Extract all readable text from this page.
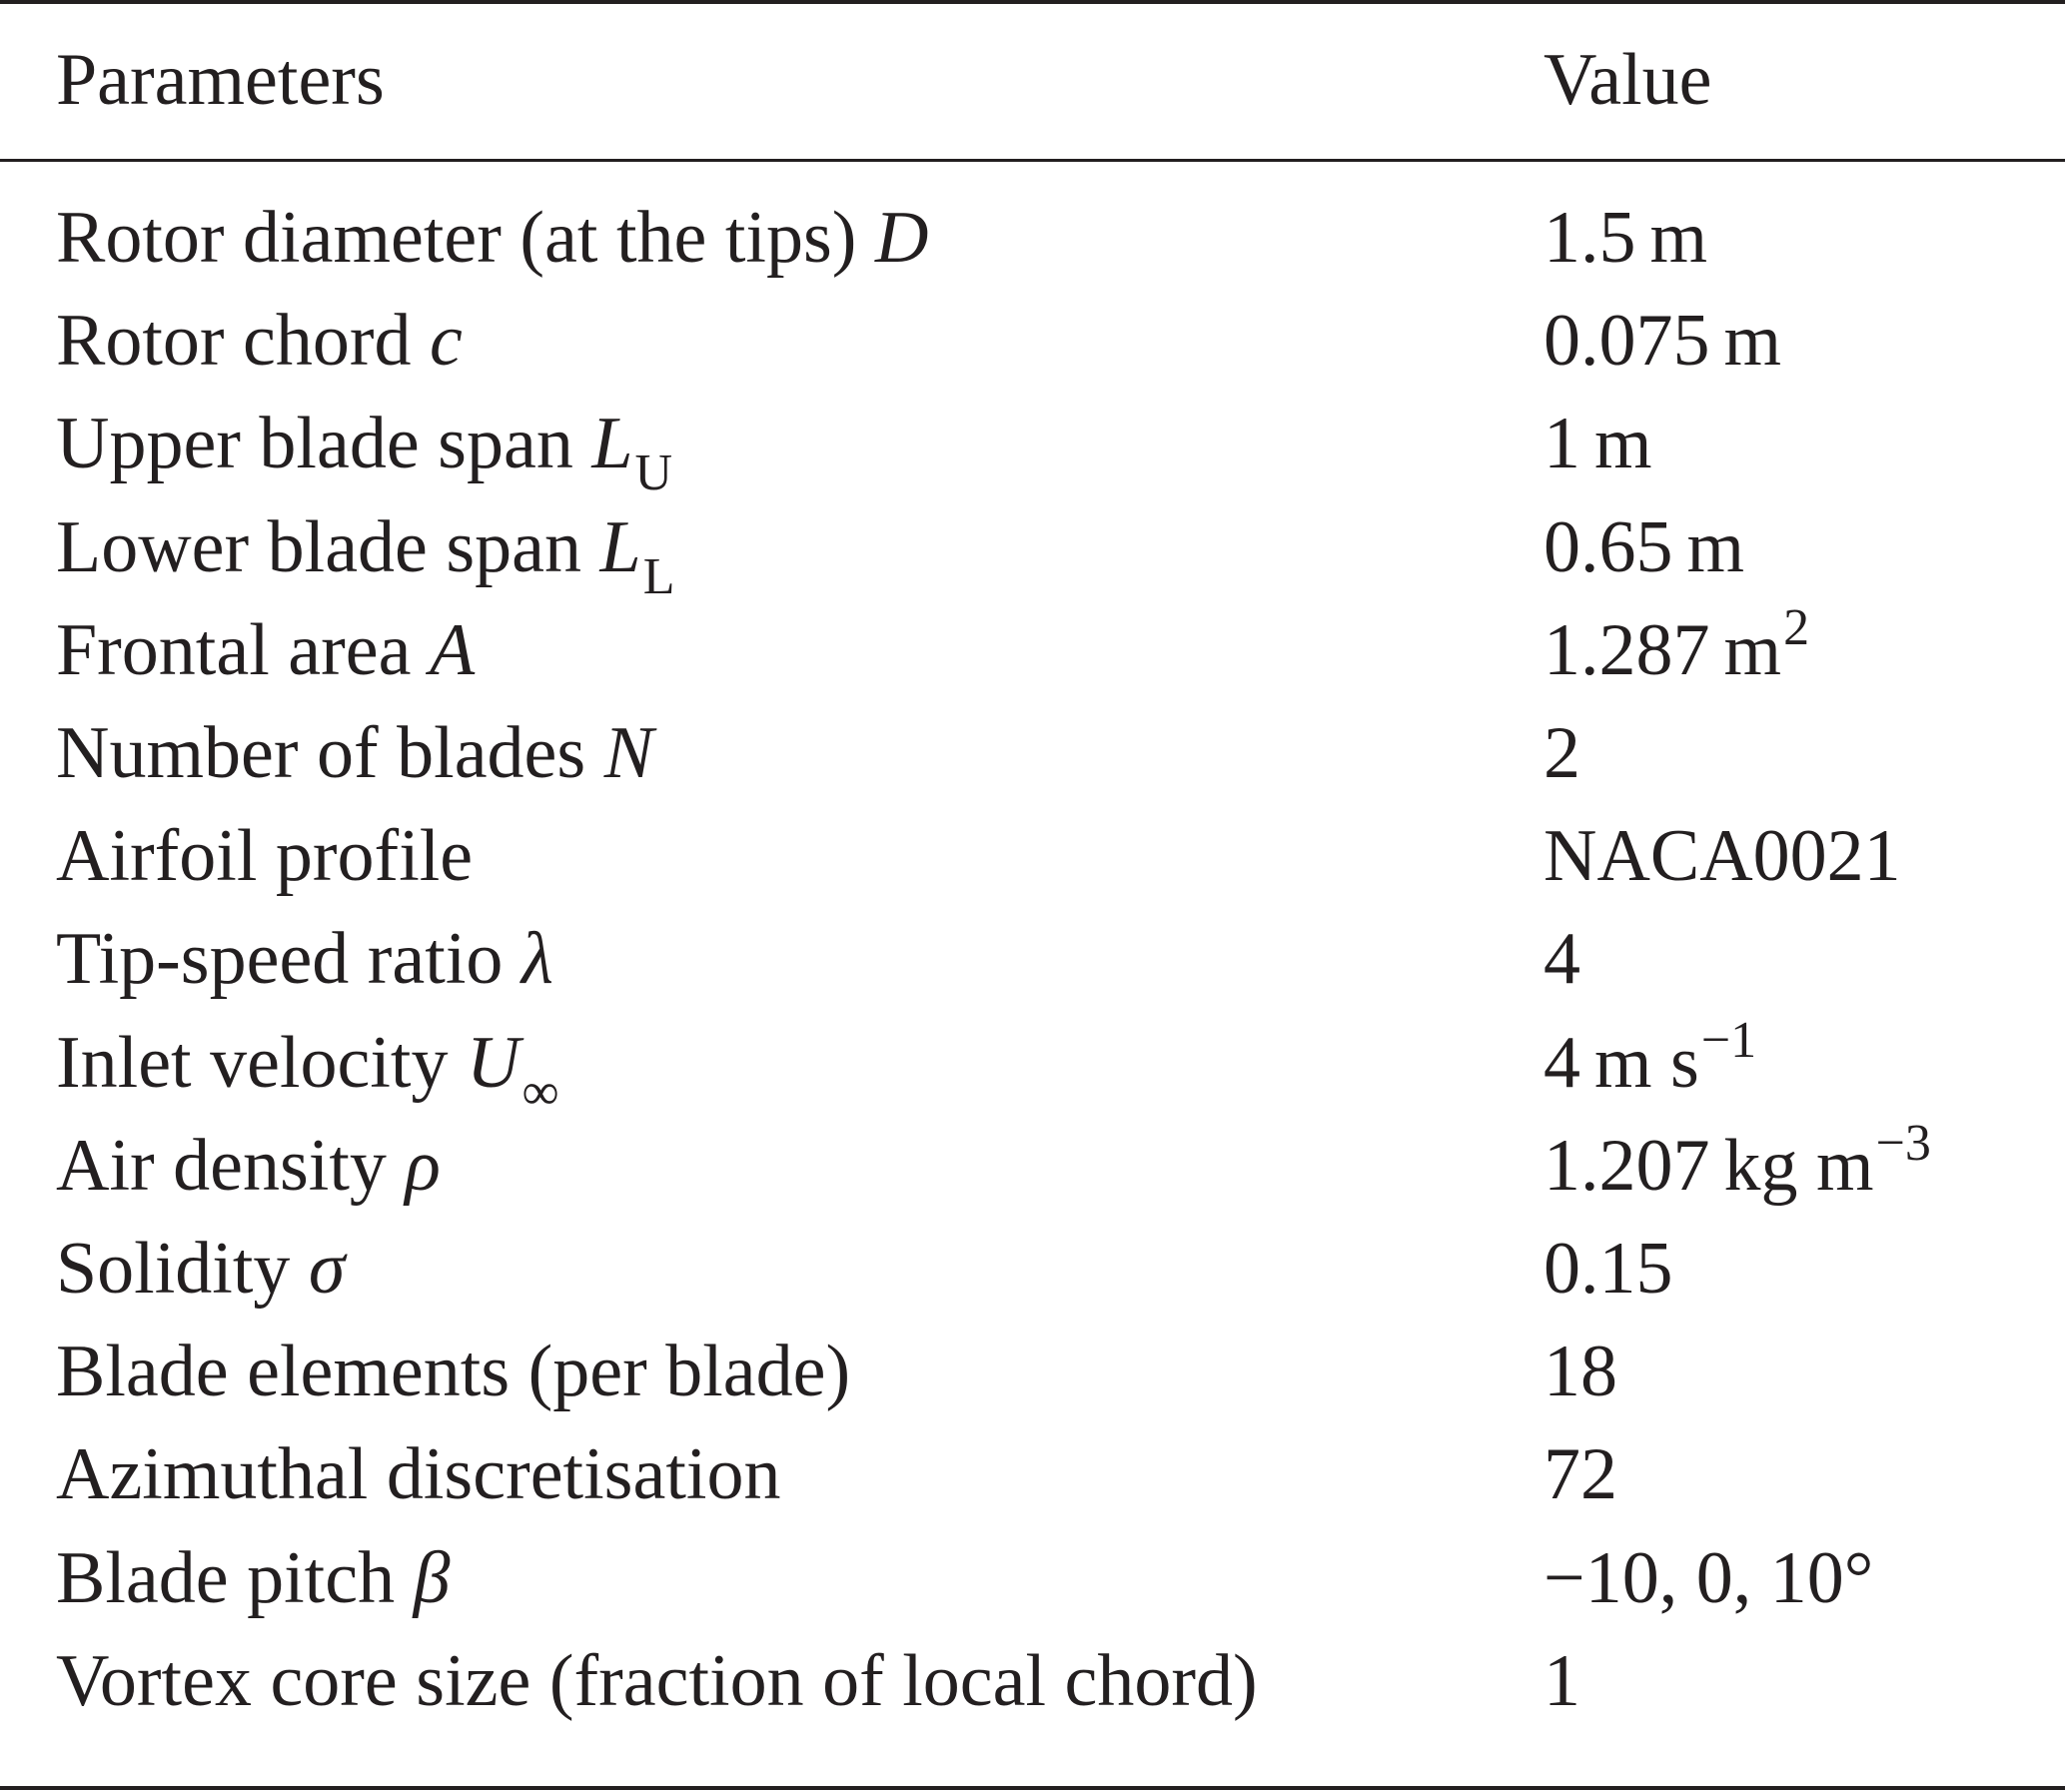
Parameters	Value
Rotor diameter (at the tips) D	1.5 m
Rotor chord c	0.075 m
Upper blade span $L_U$	1 m
Lower blade span $L_L$	0.65 m
Frontal area A	1.287 $m^2$
Number of blades N	2
Airfoil profile	NACA0021
Tip-speed ratio λ	4
Inlet velocity $U_\infty$	4 m $s^{-1}$
Air density ρ	1.207 kg $m^{-3}$
Solidity σ	0.15
Blade elements (per blade)	18
Azimuthal discretisation	72
Blade pitch β	−10, 0, 10°
Vortex core size (fraction of local chord)	1
